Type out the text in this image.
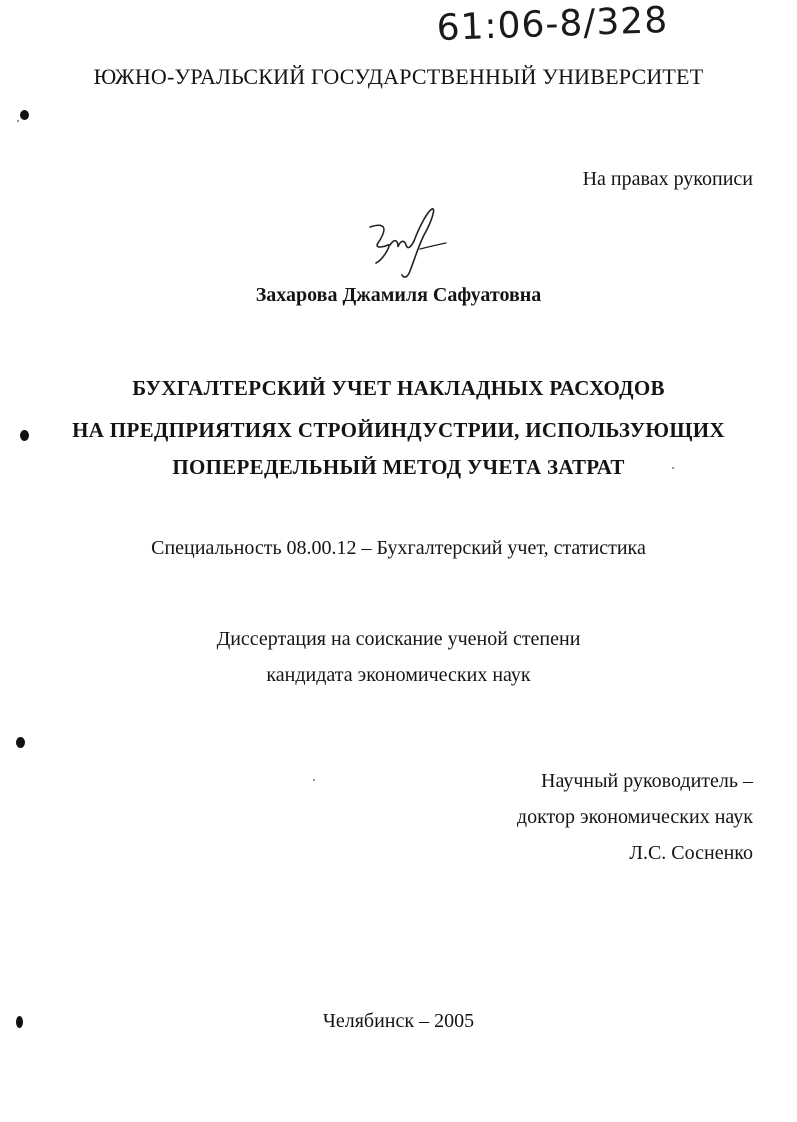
61:06-8/328
ЮЖНО-УРАЛЬСКИЙ ГОСУДАРСТВЕННЫЙ УНИВЕРСИТЕТ
На правах рукописи
Захарова Джамиля Сафуатовна
БУХГАЛТЕРСКИЙ УЧЕТ НАКЛАДНЫХ РАСХОДОВ
НА ПРЕДПРИЯТИЯХ СТРОЙИНДУСТРИИ, ИСПОЛЬЗУЮЩИХ
ПОПЕРЕДЕЛЬНЫЙ МЕТОД УЧЕТА ЗАТРАТ
Специальность 08.00.12 – Бухгалтерский учет, статистика
Диссертация на соискание ученой степени
кандидата экономических наук
Научный руководитель –
доктор экономических наук
Л.С. Сосненко
Челябинск – 2005
